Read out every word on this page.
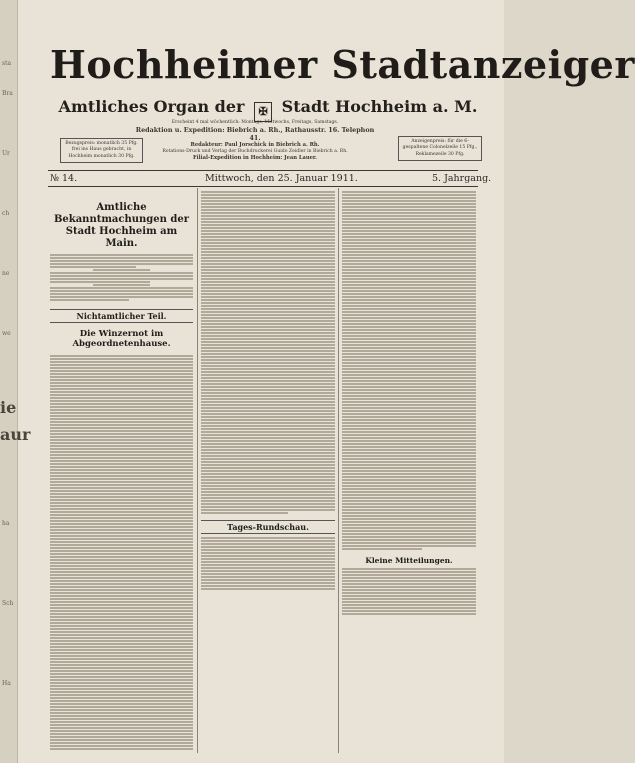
sta
Bra
Ur
ch
ne
we
ie
aur
ha
Sch
Ha
Hochheimer Stadtanzeiger
Amtliches Organ der ✠ Stadt Hochheim a. M.
Bezugspreis: monatlich 35 Pfg. frei ins Haus gebracht, in Hochheim monatlich 30 Pfg.
Anzeigenpreis: für die 6-gespaltene Colonelzeile 15 Pfg., Reklamezeile 30 Pfg.
Erscheint 4 mal wöchentlich: Montags, Mittwochs, Freitags, Samstags.
Redaktion u. Expedition: Biebrich a. Rh., Rathausstr. 16. Telephon 41.
Redakteur: Paul Jorschick in Biebrich a. Rh.
Rotations-Druck und Verlag der Buchdruckerei Guido Zeidler in Biebrich a. Rh.
Filial-Expedition in Hochheim: Jean Lauer.
№ 14.	Mittwoch, den 25. Januar 1911.	5. Jahrgang.
Amtliche Bekanntmachungen der Stadt Hochheim am Main.
Nichtamtlicher Teil.
Die Winzernot im Abgeordnetenhause.
Tages-Rundschau.
Kleine Mitteilungen.
